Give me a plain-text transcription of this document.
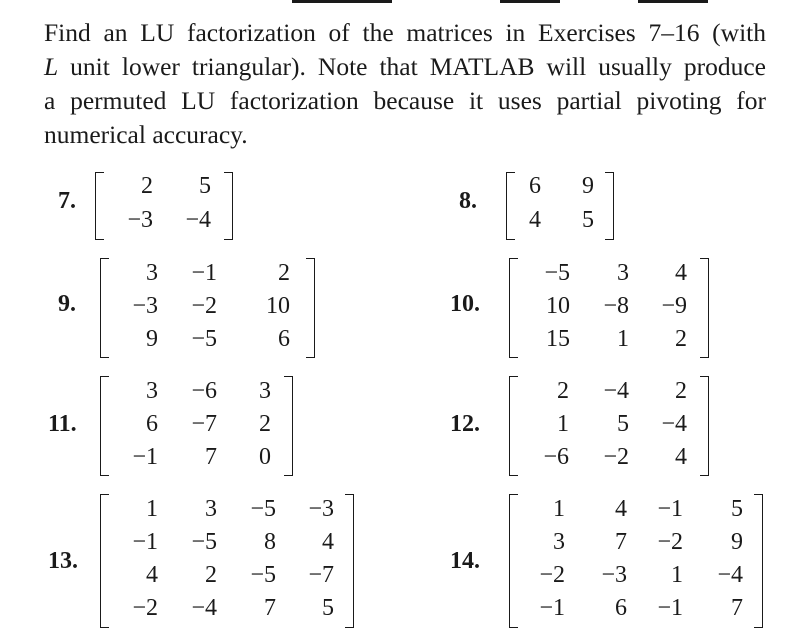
Find an LU factorization of the matrices in Exercises 7–16 (with
L unit lower triangular). Note that MATLAB will usually produce
a permuted LU factorization because it uses partial pivoting for
numerical accuracy.
7.
2 5
−3 −4
8.
6 9
4 5
9.
3 −1	2
−3 −2 10
9 −5	6
10.
−5 3 4
10 −8 −9
15 1 2
11.
3 −6 3
6 −7 2
−1 7 0
12.
2 −4 2
1 5 −4
−6 −2 4
13.
1 3 −5 −3
−1 −5 8 4
4 2 −5 −7
−2 −4 7 5
14.
1 4 −1 5
3 7 −2 9
−2 −3 1 −4
−1 6 −1 7
